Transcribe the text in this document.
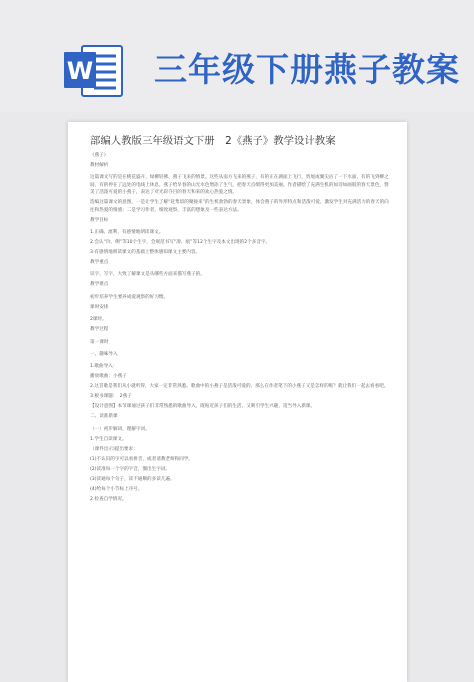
W 三年级下册燕子教案
部编人教版三年级语文下册　2《燕子》教学设计教案

《燕子》

教材解析

这篇课文写的是在桃花盛开、绿柳轻拂、燕子飞来的情景。这些从南方飞来的燕子，有的正在湖面上飞行，剪尾或翼尖沾了一下水面，有的飞到柳之间，有的停在了远处的电线上休息。燕子给早春的山光水色增添了生气，把春天点缀得更加美丽。作者描绘了充满生机的如诗如画般的春天景色，赞美了活泼可爱的小燕子，表达了对光彩夺目的春天和来的欢心热爱之情。

选编这篇课文的意图，一是让学生了解“赶集似的聚拢来”的生机勃勃的春天景象，体会燕子的外形特点和活泼可爱，激发学生对充满活力的春天的向往和热爱的情感；二是学习作者，细致观察，丰富的想象及一些表达方法。

教学目标

1.正确、流利、有感情地朗读课文。

2.会认“玲、俐”等10个生字，会规范书写“凑、痕”等12个生字及本文出现的2个多音字。

3.有感情地朗读课文的基础上整体感知课文主要内容。

教学重点

识字、写字，大致了解课文是从哪些方面来描写燕子的。

教学难点

初步培养学生要养成爱观察的好习惯。

课时安排

2课时。

教学过程

第一课时

一、趣味导入

1.歌曲导入：

播放歌曲：小燕子

2.这首歌是我们从小就听得，大家一定非常熟悉。歌曲中的小燕子是活泼可爱的。那么在作者笔下的小燕子又是怎样的呢？就让我们一起去看看吧。

3.板书课题：　2燕子

【设计意图】本节课通过孩子们非常熟悉的歌曲导入，既贴近孩子们的生活，又吸引学生兴趣，适当导入新课。

二、读准新课

（一）初步解词、理解字词。

1.学生自读课文。

（课件出示)提出要求：

(1)不认识的字可以看拼音，或者请教老师和同学。

(2)读准每一个字的字音，圈出生字词。

(3)读通每个句子，读不通顺的多读几遍。

(4)给每个小节标上序号。

2.检查自学情况。
